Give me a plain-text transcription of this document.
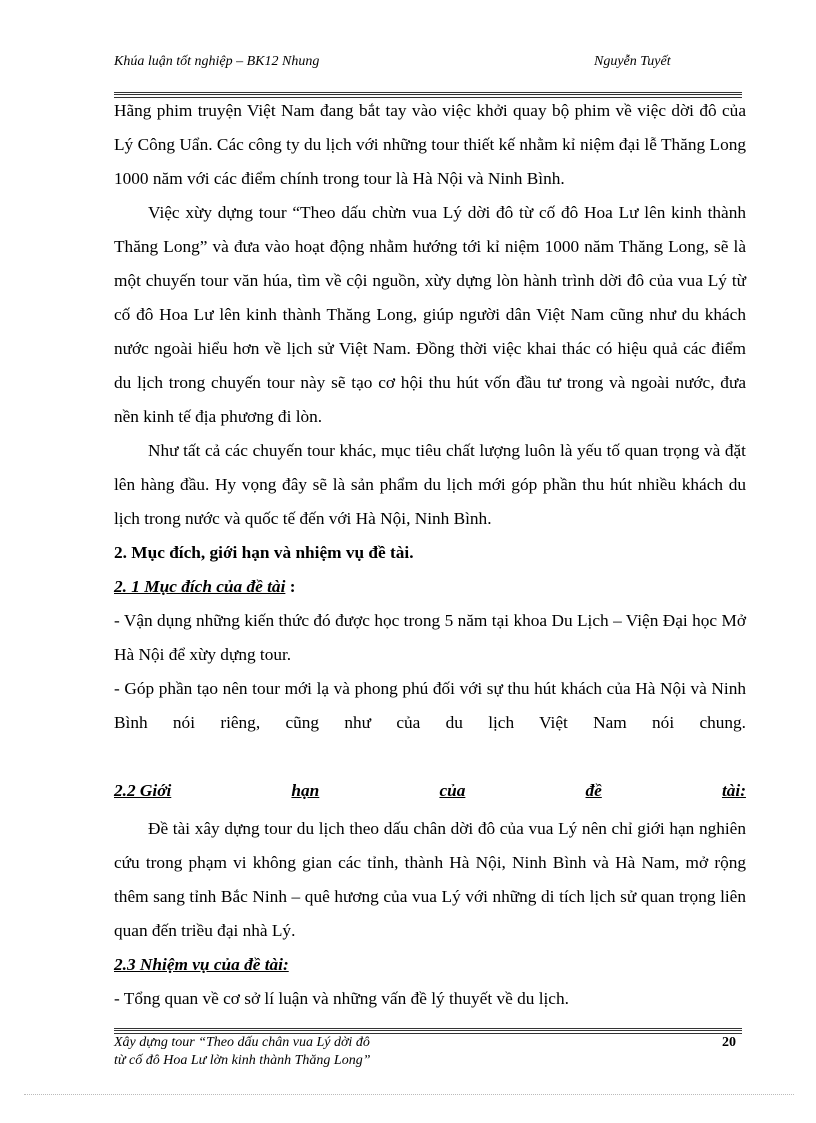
Khúa luận tốt nghiệp – BK12 Nhung	Nguyễn Tuyết

Hãng phim truyện Việt Nam đang bắt tay vào việc khởi quay bộ phim về việc dời đô của Lý Công Uẩn. Các công ty du lịch với những tour thiết kế nhằm kỉ niệm đại lễ Thăng Long 1000 năm với các điểm chính trong tour là Hà Nội và Ninh Bình.

Việc xừy dựng tour “Theo dấu chừn vua Lý dời đô từ cố đô Hoa Lư lên kinh thành Thăng Long” và đưa vào hoạt động nhằm hướng tới kỉ niệm 1000 năm Thăng Long, sẽ là một chuyến tour văn húa, tìm về cội nguồn, xừy dựng lòn hành trình dời đô của vua Lý từ cố đô Hoa Lư lên kinh thành Thăng Long, giúp người dân Việt Nam cũng như du khách nước ngoài hiểu hơn về lịch sử Việt Nam. Đồng thời việc khai thác có hiệu quả các điểm du lịch trong chuyến tour này sẽ tạo cơ hội thu hút vốn đầu tư trong và ngoài nước, đưa nền kinh tế địa phương đi lòn.

Như tất cả các chuyến tour khác, mục tiêu chất lượng luôn là yếu tố quan trọng và đặt lên hàng đầu. Hy vọng đây sẽ là sản phẩm du lịch mới góp phần thu hút nhiều khách du lịch trong nước và quốc tế đến với Hà Nội, Ninh Bình.

2. Mục đích, giới hạn và nhiệm vụ đề tài.

2. 1 Mục đích của đề tài :

- Vận dụng những kiến thức đó được học trong 5 năm tại khoa Du Lịch – Viện Đại học Mở Hà Nội để xừy dựng tour.

- Góp phần tạo nên tour mới lạ và phong phú đối với sự thu hút khách của Hà Nội và Ninh Bình nói riêng, cũng như của du lịch Việt Nam nói chung.

2.2 Giới	hạn	của	đề	tài:

Đề tài xây dựng tour du lịch theo dấu chân dời đô của vua Lý nên chỉ giới hạn nghiên cứu trong phạm vi không gian các tỉnh, thành Hà Nội, Ninh Bình và Hà Nam, mở rộng thêm sang tỉnh Bắc Ninh – quê hương của vua Lý với những di tích lịch sử quan trọng liên quan đến triều đại nhà Lý.

2.3 Nhiệm vụ của đề tài:

- Tổng quan về cơ sở lí luận và những vấn đề lý thuyết về du lịch.

Xây dựng tour “Theo dấu chân vua Lý dời đô
từ cố đô Hoa Lư lờn kinh thành Thăng Long”
20
